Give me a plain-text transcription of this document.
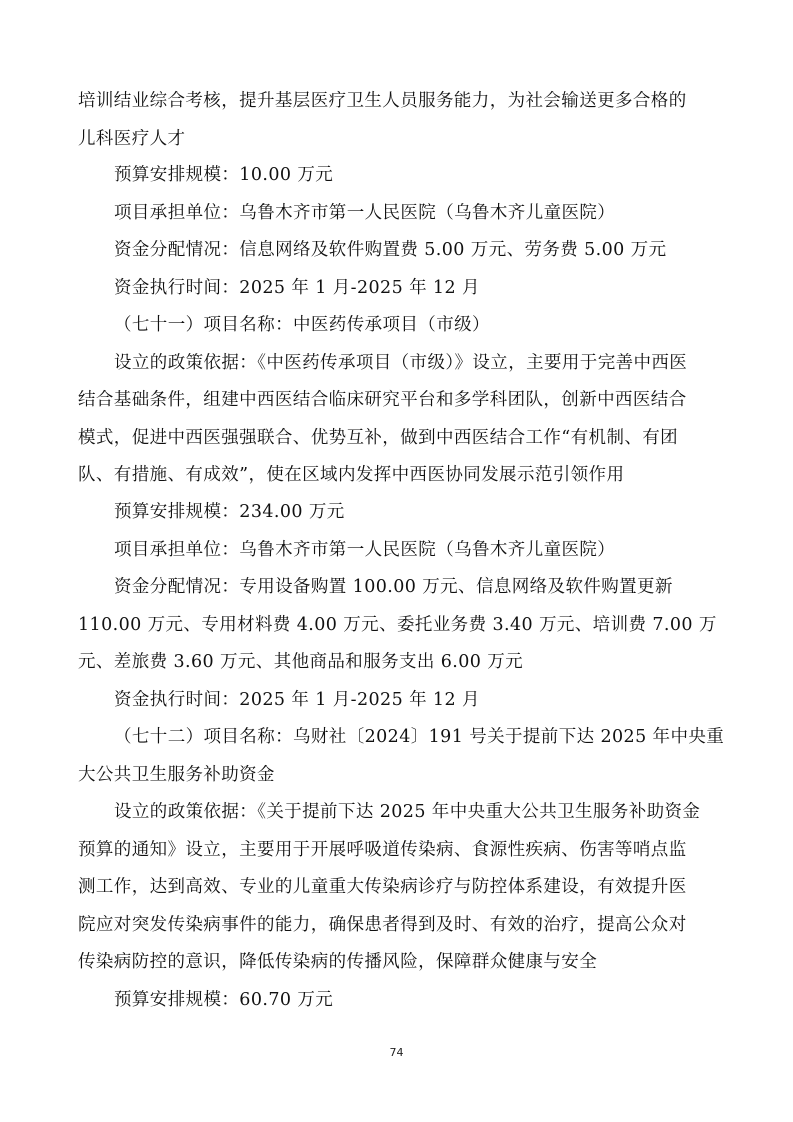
培训结业综合考核，提升基层医疗卫生人员服务能力，为社会输送更多合格的
儿科医疗人才
预算安排规模：10.00 万元
项目承担单位：乌鲁木齐市第一人民医院（乌鲁木齐儿童医院）
资金分配情况：信息网络及软件购置费 5.00 万元、劳务费 5.00 万元
资金执行时间：2025 年 1 月-2025 年 12 月
（七十一）项目名称：中医药传承项目（市级）
设立的政策依据：《中医药传承项目（市级）》设立，主要用于完善中西医
结合基础条件，组建中西医结合临床研究平台和多学科团队，创新中西医结合
模式，促进中西医强强联合、优势互补，做到中西医结合工作“有机制、有团
队、有措施、有成效”，使在区域内发挥中西医协同发展示范引领作用
预算安排规模：234.00 万元
项目承担单位：乌鲁木齐市第一人民医院（乌鲁木齐儿童医院）
资金分配情况：专用设备购置 100.00 万元、信息网络及软件购置更新
110.00 万元、专用材料费 4.00 万元、委托业务费 3.40 万元、培训费 7.00 万
元、差旅费 3.60 万元、其他商品和服务支出 6.00 万元
资金执行时间：2025 年 1 月-2025 年 12 月
（七十二）项目名称：乌财社〔2024〕191 号关于提前下达 2025 年中央重
大公共卫生服务补助资金
设立的政策依据：《关于提前下达 2025 年中央重大公共卫生服务补助资金
预算的通知》设立，主要用于开展呼吸道传染病、食源性疾病、伤害等哨点监
测工作，达到高效、专业的儿童重大传染病诊疗与防控体系建设，有效提升医
院应对突发传染病事件的能力，确保患者得到及时、有效的治疗，提高公众对
传染病防控的意识，降低传染病的传播风险，保障群众健康与安全
预算安排规模：60.70 万元
74
